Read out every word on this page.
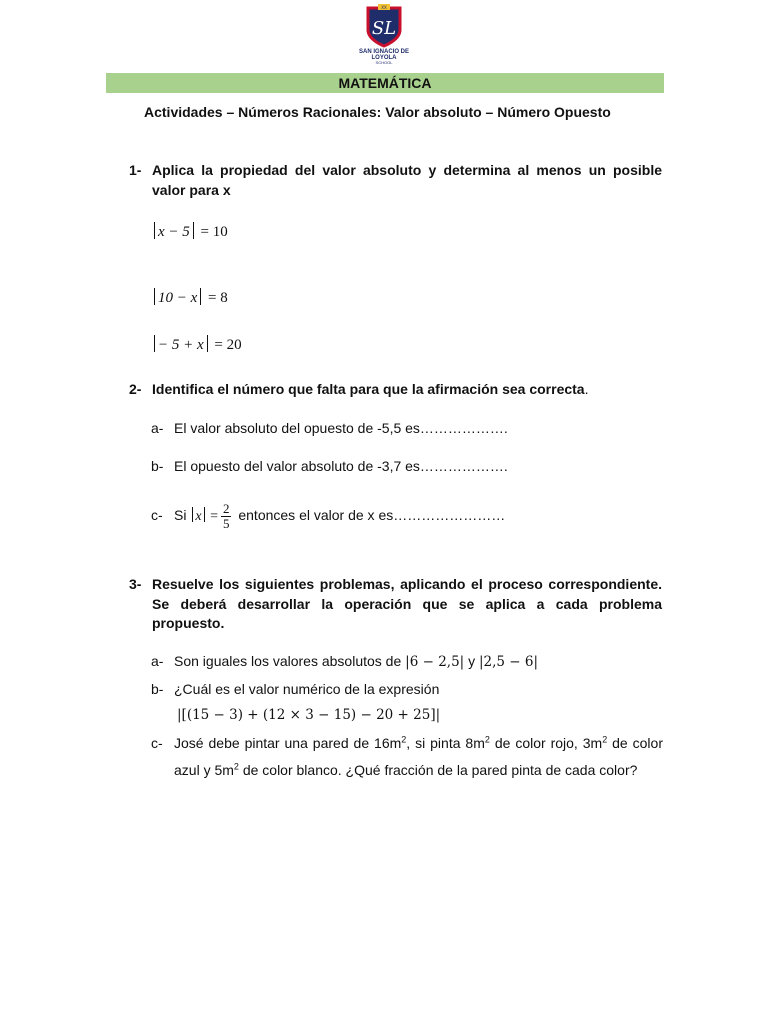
XX
SL
SAN IGNACIO DE LOYOLA
SCHOOL
MATEMÁTICA
Actividades – Números Racionales: Valor absoluto – Número Opuesto
1- Aplica la propiedad del valor absoluto y determina al menos un posible valor para x
x − 5 = 10
10 − x = 8
− 5 + x = 20
2- Identifica el número que falta para que la afirmación sea correcta.
a- El valor absoluto del opuesto de -5,5 es……………….
b- El opuesto del valor absoluto de -3,7 es……………….
c- Si $x = \frac{2}{5}$ entonces el valor de x es……………………
3- Resuelve los siguientes problemas, aplicando el proceso correspondiente. Se deberá desarrollar la operación que se aplica a cada problema propuesto.
a- Son iguales los valores absolutos de |6 − 2,5| y |2,5 − 6|
b- ¿Cuál es el valor numérico de la expresión
|[(15 − 3) + (12 × 3 − 15) − 20 + 25]|
c- José debe pintar una pared de $16m^2$, si pinta $8m^2$ de color rojo, $3m^2$ de color azul y $5m^2$ de color blanco. ¿Qué fracción de la pared pinta de cada color?
